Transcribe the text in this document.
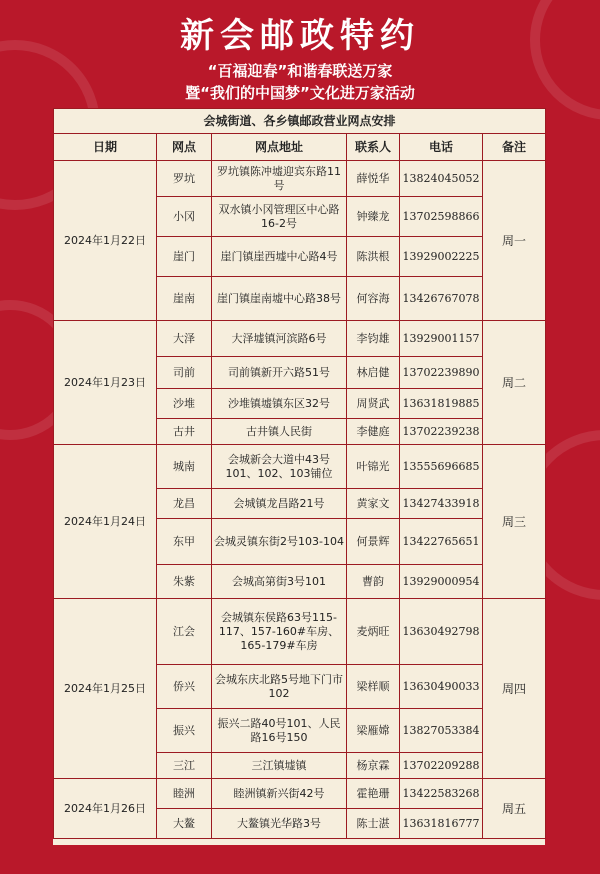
新会邮政特约
“百福迎春”和谐春联送万家
暨“我们的中国梦”文化进万家活动
会城街道、各乡镇邮政营业网点安排					
日期	网点	网点地址	联系人	电话	备注
2024年1月22日	罗坑	罗坑镇陈冲墟迎宾东路11号	薛悦华	13824045052	周一
	小冈	双水镇小冈管理区中心路16-2号	钟臻龙	13702598866	
	崖门	崖门镇崖西墟中心路4号	陈洪根	13929002225	
	崖南	崖门镇崖南墟中心路38号	何容海	13426767078	
2024年1月23日	大泽	大泽墟镇河滨路6号	李钧雄	13929001157	周二
	司前	司前镇新开六路51号	林启健	13702239890	
	沙堆	沙堆镇墟镇东区32号	周贤武	13631819885	
	古井	古井镇人民街	李健庭	13702239238	
2024年1月24日	城南	会城新会大道中43号101、102、103铺位	叶锦光	13555696685	周三
	龙昌	会城镇龙昌路21号	黄家文	13427433918	
	东甲	会城灵镇东街2号103-104	何景辉	13422765651	
	朱紫	会城高第街3号101	曹韵	13929000954	
2024年1月25日	江会	会城镇东侯路63号115-117、157-160#车房、165-179#车房	麦炳旺	13630492798	周四
	侨兴	会城东庆北路5号地下门市102	梁样顺	13630490033	
	振兴	振兴二路40号101、人民路16号150	梁雁嫦	13827053384	
	三江	三江镇墟镇	杨京霖	13702209288	
2024年1月26日	睦洲	睦洲镇新兴街42号	霍艳珊	13422583268	周五
	大鳌	大鳌镇光华路3号	陈士湛	13631816777	
